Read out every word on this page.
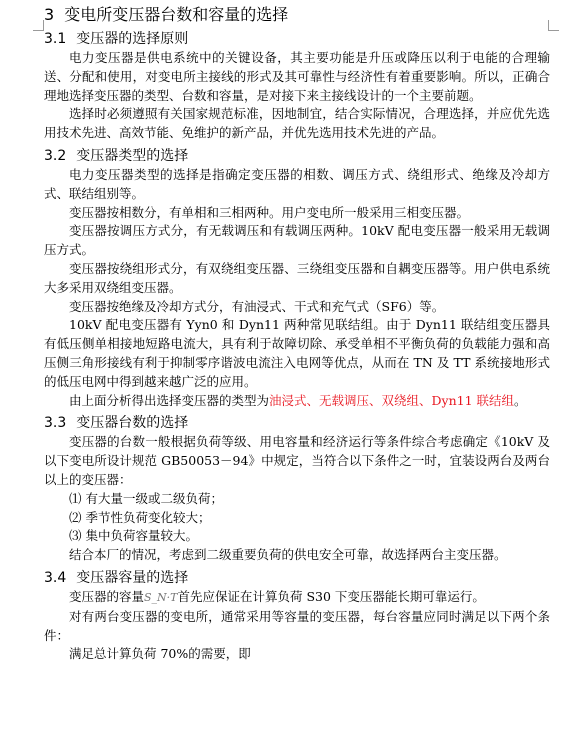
3 变电所变压器台数和容量的选择
3.1 变压器的选择原则

电力变压器是供电系统中的关键设备，其主要功能是升压或降压以利于电能的合理输送、分配和使用，对变电所主接线的形式及其可靠性与经济性有着重要影响。所以，正确合理地选择变压器的类型、台数和容量，是对接下来主接线设计的一个主要前题。

选择时必须遵照有关国家规范标准，因地制宜，结合实际情况，合理选择，并应优先选用技术先进、高效节能、免维护的新产品，并优先选用技术先进的产品。

3.2 变压器类型的选择

电力变压器类型的选择是指确定变压器的相数、调压方式、绕组形式、绝缘及冷却方式、联结组别等。

变压器按相数分，有单相和三相两种。用户变电所一般采用三相变压器。

变压器按调压方式分，有无载调压和有载调压两种。10kV 配电变压器一般采用无载调压方式。

变压器按绕组形式分，有双绕组变压器、三绕组变压器和自耦变压器等。用户供电系统大多采用双绕组变压器。

变压器按绝缘及冷却方式分，有油浸式、干式和充气式（SF6）等。

10kV 配电变压器有 Yyn0 和 Dyn11 两种常见联结组。由于 Dyn11 联结组变压器具有低压侧单相接地短路电流大，具有利于故障切除、承受单相不平衡负荷的负载能力强和高压侧三角形接线有利于抑制零序谐波电流注入电网等优点，从而在 TN 及 TT 系统接地形式的低压电网中得到越来越广泛的应用。

由上面分析得出选择变压器的类型为油浸式、无载调压、双绕组、Dyn11 联结组。

3.3 变压器台数的选择

变压器的台数一般根据负荷等级、用电容量和经济运行等条件综合考虑确定《10kV 及以下变电所设计规范 GB50053－94》中规定，当符合以下条件之一时，宜装设两台及两台以上的变压器：

⑴ 有大量一级或二级负荷；

⑵ 季节性负荷变化较大；

⑶ 集中负荷容量较大。

结合本厂的情况，考虑到二级重要负荷的供电安全可靠，故选择两台主变压器。

3.4 变压器容量的选择

变压器的容量S_N·T首先应保证在计算负荷 S30 下变压器能长期可靠运行。

对有两台变压器的变电所，通常采用等容量的变压器，每台容量应同时满足以下两个条件：

满足总计算负荷 70%的需要，即
